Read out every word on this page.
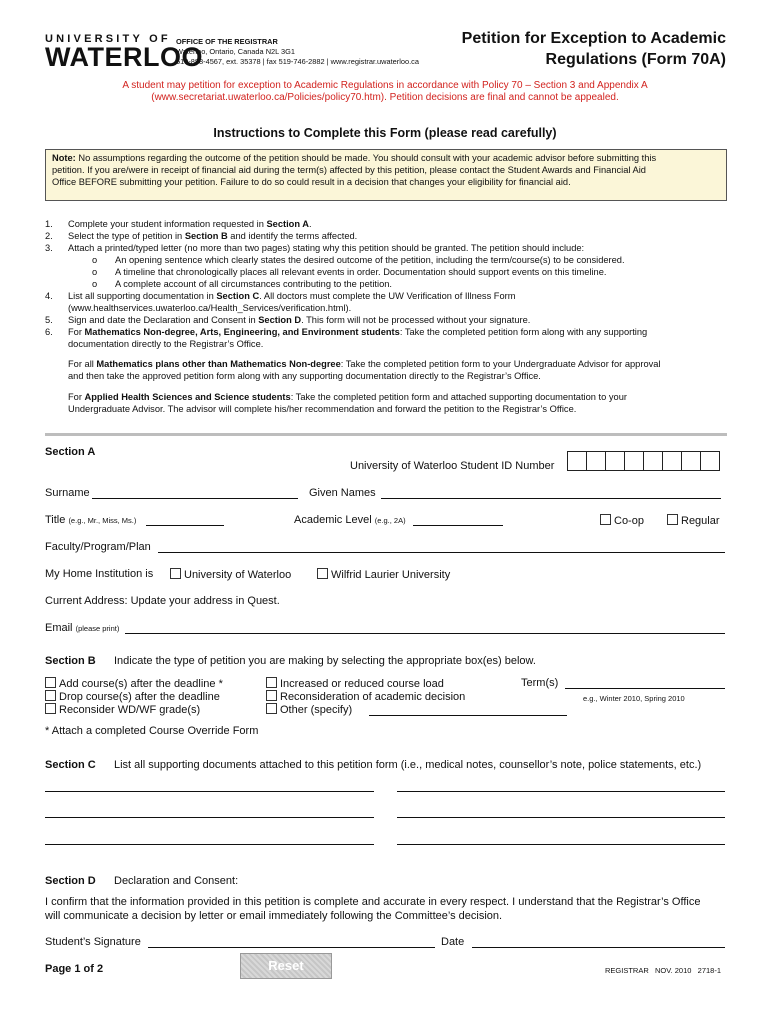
UNIVERSITY OF
WATERLOO
OFFICE OF THE REGISTRAR
Waterloo, Ontario, Canada N2L 3G1
519-888-4567, ext. 35378 | fax 519-746-2882 | www.registrar.uwaterloo.ca
Petition for Exception to Academic
Regulations (Form 70A)
A student may petition for exception to Academic Regulations in accordance with Policy 70 – Section 3 and Appendix A
(www.secretariat.uwaterloo.ca/Policies/policy70.htm). Petition decisions are final and cannot be appealed.
Instructions to Complete this Form (please read carefully)
Note: No assumptions regarding the outcome of the petition should be made. You should consult with your academic advisor before submitting this
petition. If you are/were in receipt of financial aid during the term(s) affected by this petition, please contact the Student Awards and Financial Aid
Office BEFORE submitting your petition. Failure to do so could result in a decision that changes your eligibility for financial aid.
1. Complete your student information requested in Section A.
2. Select the type of petition in Section B and identify the terms affected.
3. Attach a printed/typed letter (no more than two pages) stating why this petition should be granted. The petition should include:
o An opening sentence which clearly states the desired outcome of the petition, including the term/course(s) to be considered.
o A timeline that chronologically places all relevant events in order. Documentation should support events on this timeline.
o A complete account of all circumstances contributing to the petition.
4. List all supporting documentation in Section C. All doctors must complete the UW Verification of Illness Form
(www.healthservices.uwaterloo.ca/Health_Services/verification.html).
5. Sign and date the Declaration and Consent in Section D. This form will not be processed without your signature.
6. For Mathematics Non-degree, Arts, Engineering, and Environment students: Take the completed petition form along with any supporting
documentation directly to the Registrar’s Office.
For all Mathematics plans other than Mathematics Non-degree: Take the completed petition form to your Undergraduate Advisor for approval
and then take the approved petition form along with any supporting documentation directly to the Registrar’s Office.
For Applied Health Sciences and Science students: Take the completed petition form and attached supporting documentation to your
Undergraduate Advisor. The advisor will complete his/her recommendation and forward the petition to the Registrar’s Office.
Section A
University of Waterloo Student ID Number
Surname	Given Names
Title (e.g., Mr., Miss, Ms.)	Academic Level (e.g., 2A)	Co-op	Regular
Faculty/Program/Plan
My Home Institution is	University of Waterloo	Wilfrid Laurier University
Current Address: Update your address in Quest.
Email (please print)
Section B Indicate the type of petition you are making by selecting the appropriate box(es) below.
Add course(s) after the deadline *
Drop course(s) after the deadline
Reconsider WD/WF grade(s)
Increased or reduced course load
Reconsideration of academic decision
Other (specify)
Term(s)
e.g., Winter 2010, Spring 2010
* Attach a completed Course Override Form
Section C List all supporting documents attached to this petition form (i.e., medical notes, counsellor’s note, police statements, etc.)
Section D Declaration and Consent:
I confirm that the information provided in this petition is complete and accurate in every respect. I understand that the Registrar’s Office
will communicate a decision by letter or email immediately following the Committee’s decision.
Student’s Signature	Date
Page 1 of 2	Reset	REGISTRAR   NOV. 2010   2718-1
